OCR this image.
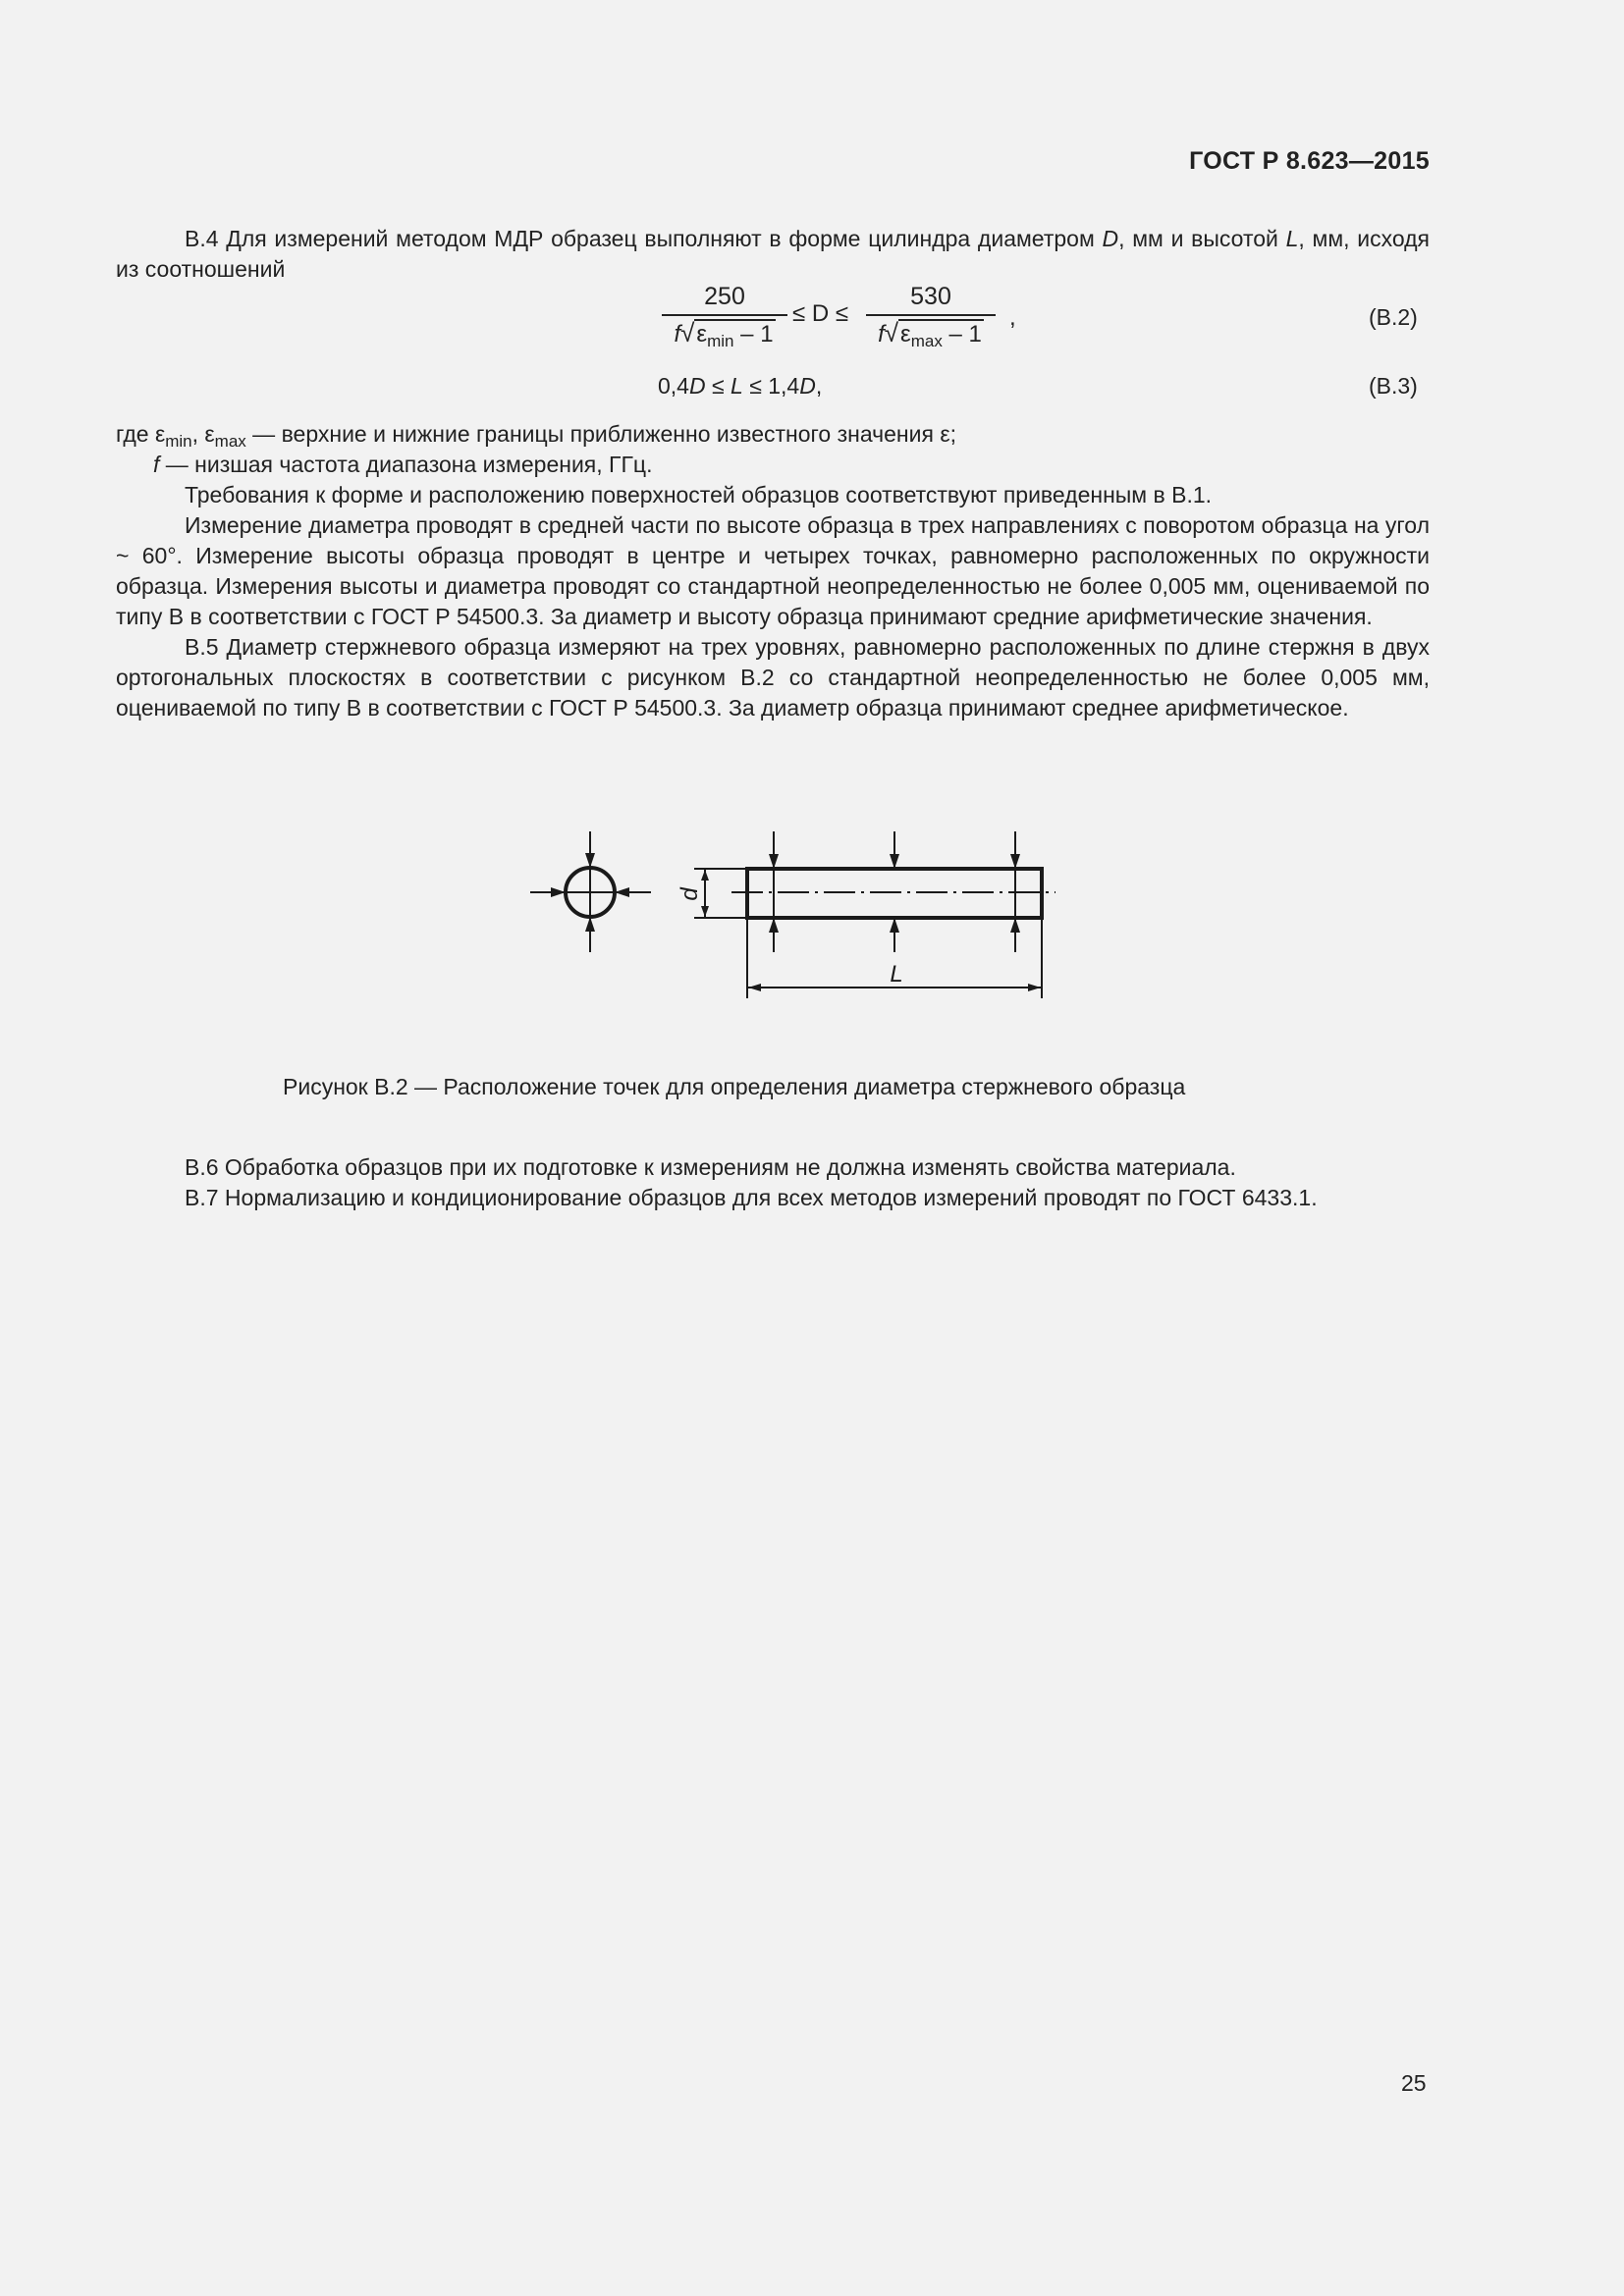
ГОСТ Р 8.623—2015

В.4 Для измерений методом МДР образец выполняют в форме цилиндра диаметром D, мм и высотой L, мм, исходя из соотношений

250
$f√\varepsilon_{min} - 1$
≤ D ≤
530
$f√\varepsilon_{max} - 1$
,	(В.2)
0,4D ≤ L ≤ 1,4D,	(В.3)

где $\varepsilon_{min}$, $\varepsilon_{max}$ — верхние и нижние границы приближенно известного значения ε;

f — низшая частота диапазона измерения, ГГц.

Требования к форме и расположению поверхностей образцов соответствуют приведенным в В.1.

Измерение диаметра проводят в средней части по высоте образца в трех направлениях с поворотом образца на угол ~ 60°. Измерение высоты образца проводят в центре и четырех точках, равномерно расположенных по окружности образца. Измерения высоты и диаметра проводят со стандартной неопределенностью не более 0,005 мм, оцениваемой по типу B в соответствии с ГОСТ Р 54500.3. За диаметр и высоту образца принимают средние арифметические значения.

В.5 Диаметр стержневого образца измеряют на трех уровнях, равномерно расположенных по длине стержня в двух ортогональных плоскостях в соответствии с рисунком В.2 со стандартной неопределенностью не более 0,005 мм, оцениваемой по типу B в соответствии с ГОСТ Р 54500.3. За диаметр образца принимают среднее арифметическое.

d
L
Рисунок В.2 — Расположение точек для определения диаметра стержневого образца

В.6 Обработка образцов при их подготовке к измерениям не должна изменять свойства материала.

В.7 Нормализацию и кондиционирование образцов для всех методов измерений проводят по ГОСТ 6433.1.

25
